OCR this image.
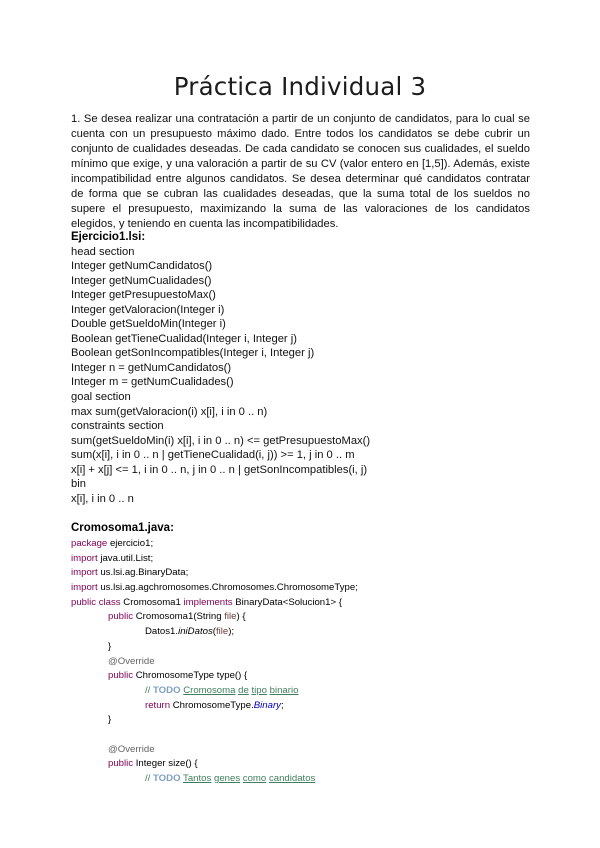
Práctica Individual 3

1. Se desea realizar una contratación a partir de un conjunto de candidatos, para lo cual se cuenta con un presupuesto máximo dado. Entre todos los candidatos se debe cubrir un conjunto de cualidades deseadas. De cada candidato se conocen sus cualidades, el sueldo mínimo que exige, y una valoración a partir de su CV (valor entero en [1,5]). Además, existe incompatibilidad entre algunos candidatos. Se desea determinar qué candidatos contratar de forma que se cubran las cualidades deseadas, que la suma total de los sueldos no supere el presupuesto, maximizando la suma de las valoraciones de los candidatos elegidos, y teniendo en cuenta las incompatibilidades.

Ejercicio1.lsi:
head section
Integer getNumCandidatos()
Integer getNumCualidades()
Integer getPresupuestoMax()
Integer getValoracion(Integer i)
Double getSueldoMin(Integer i)
Boolean getTieneCualidad(Integer i, Integer j)
Boolean getSonIncompatibles(Integer i, Integer j)
Integer n = getNumCandidatos()
Integer m = getNumCualidades()
goal section
max sum(getValoracion(i) x[i], i in 0 .. n)
constraints section
sum(getSueldoMin(i) x[i], i in 0 .. n) <= getPresupuestoMax()
sum(x[i], i in 0 .. n | getTieneCualidad(i, j)) >= 1, j in 0 .. m
x[i] + x[j] <= 1, i in 0 .. n, j in 0 .. n | getSonIncompatibles(i, j)
bin
x[i], i in 0 .. n
Cromosoma1.java:
package ejercicio1;
import java.util.List;
import us.lsi.ag.BinaryData;
import us.lsi.ag.agchromosomes.Chromosomes.ChromosomeType;
public class Cromosoma1 implements BinaryData<Solucion1> {
public Cromosoma1(String file) {
Datos1.iniDatos(file);
}
@Override
public ChromosomeType type() {
// TODO Cromosoma de tipo binario
return ChromosomeType.Binary;
}
@Override
public Integer size() {
// TODO Tantos genes como candidatos
